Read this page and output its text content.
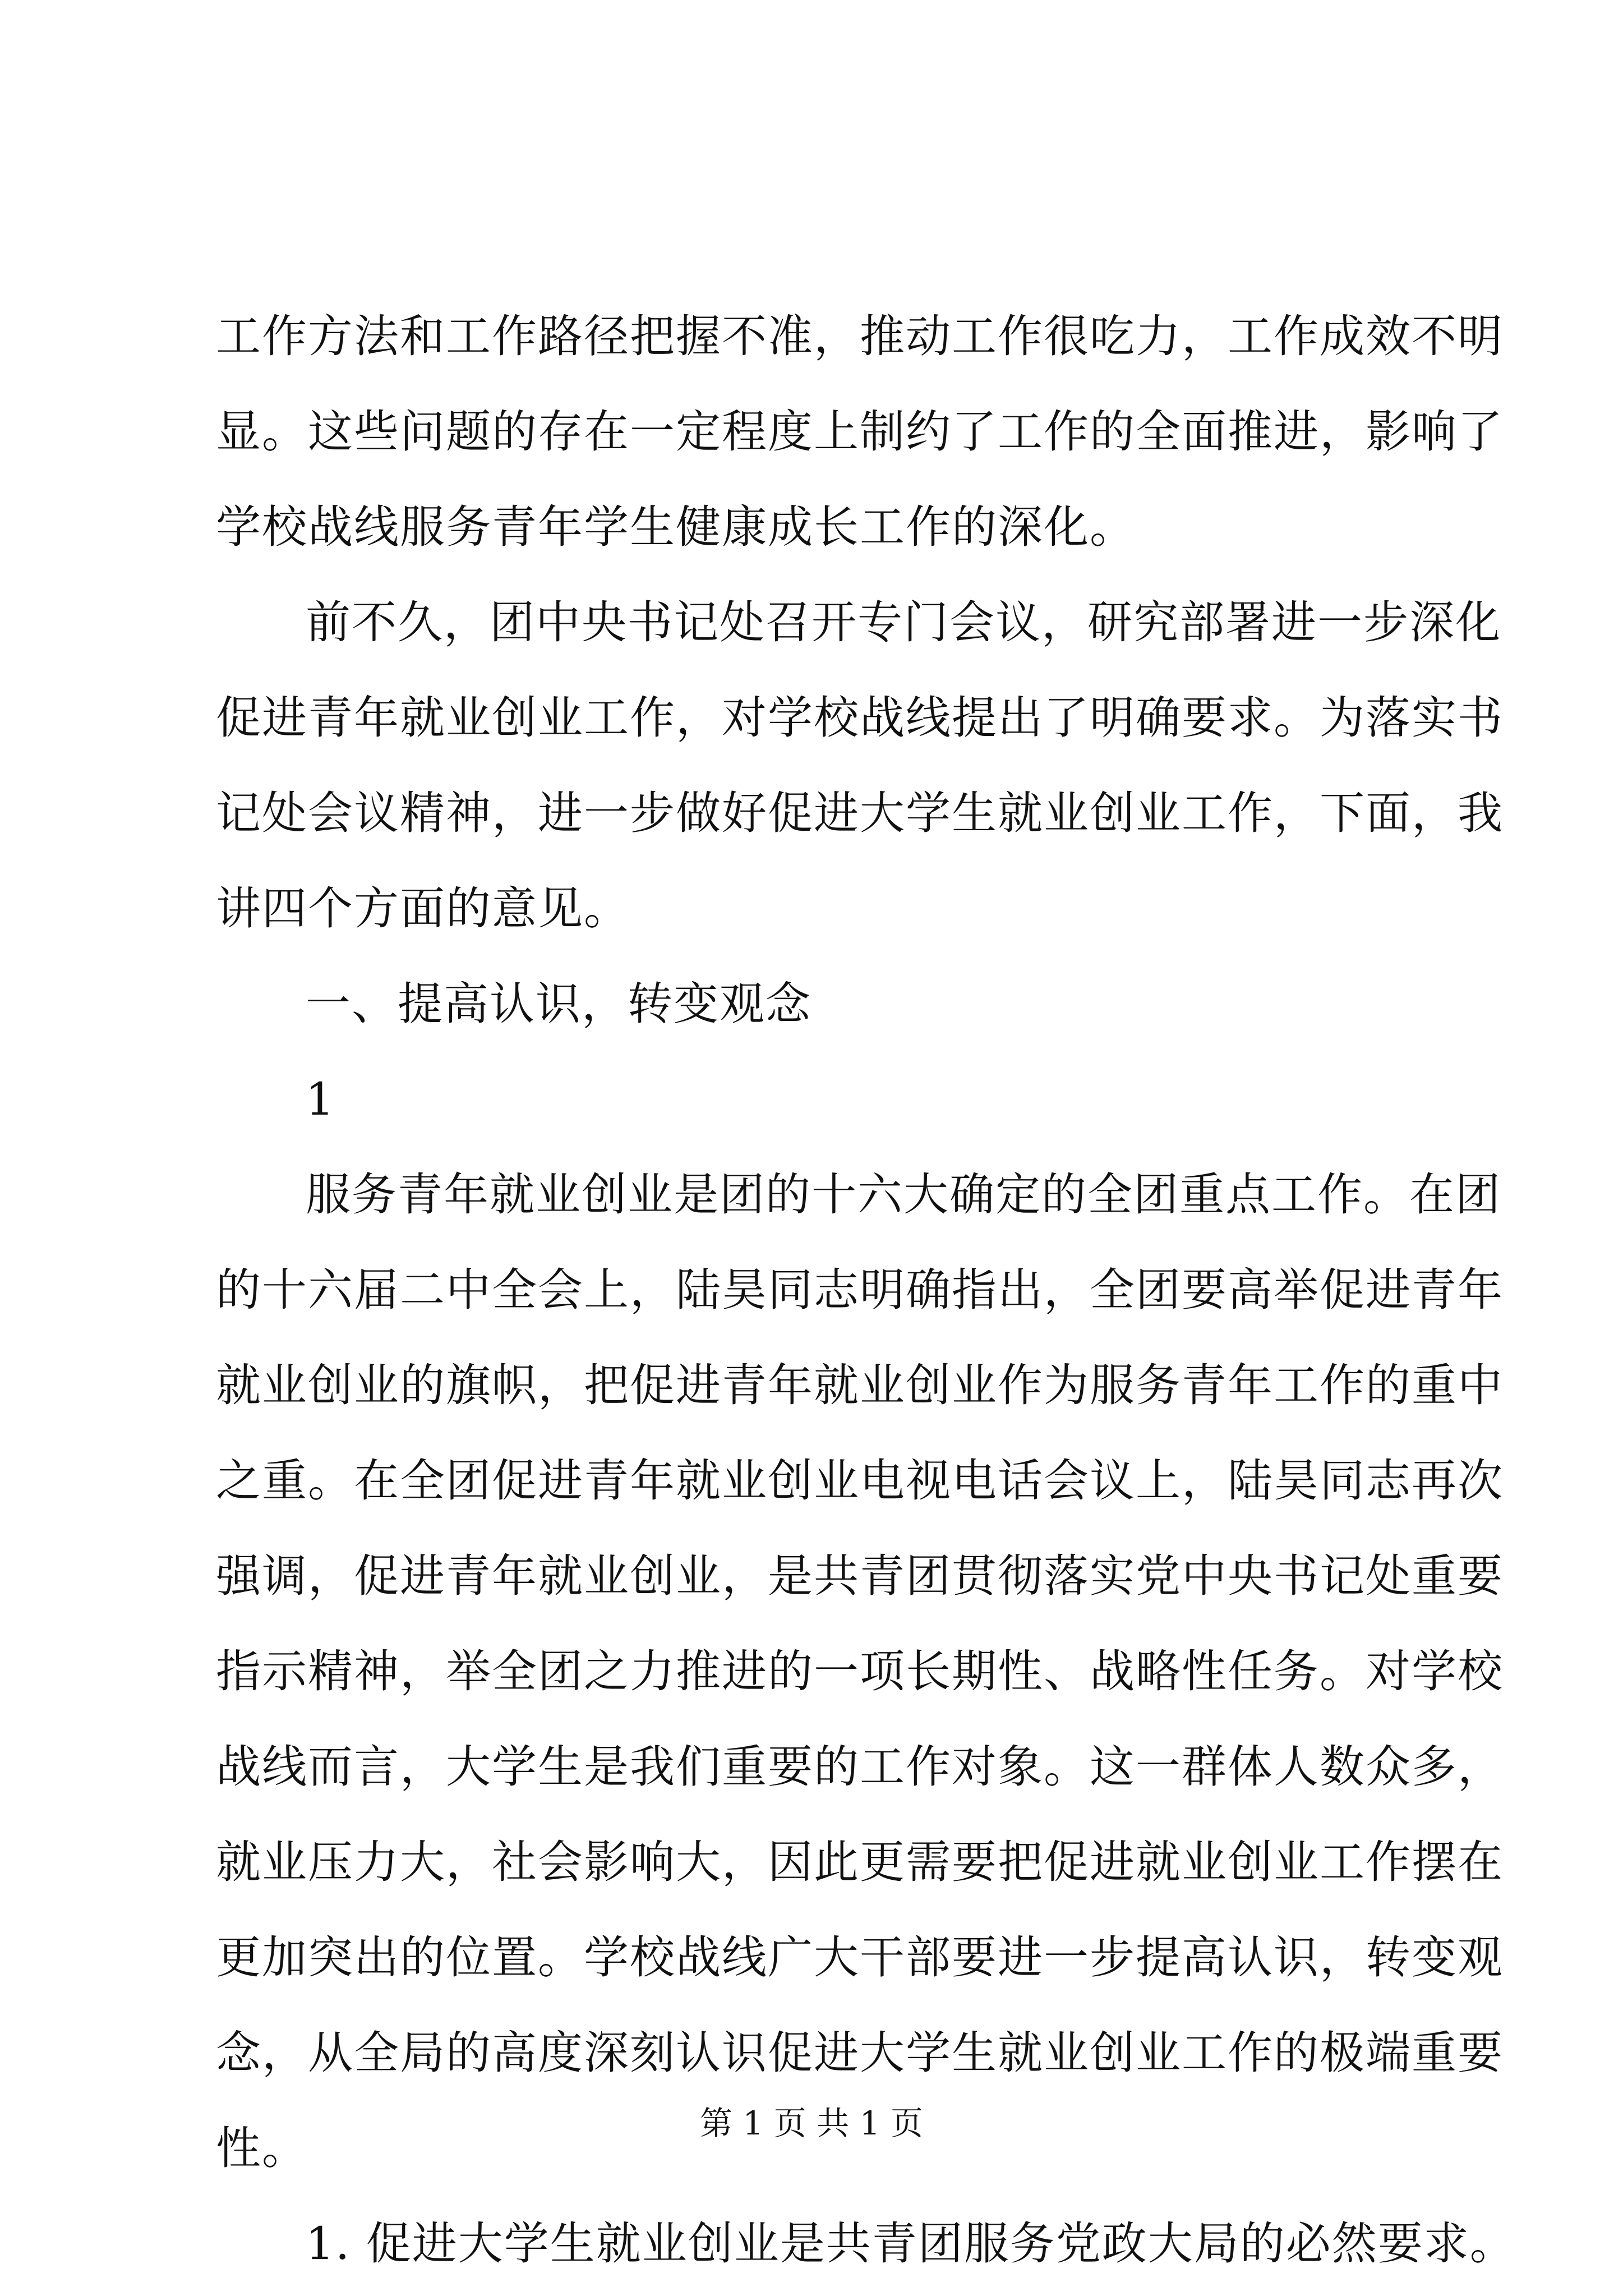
工作方法和工作路径把握不准，推动工作很吃力，工作成效不明
显。这些问题的存在一定程度上制约了工作的全面推进，影响了
学校战线服务青年学生健康成长工作的深化。
前不久，团中央书记处召开专门会议，研究部署进一步深化
促进青年就业创业工作，对学校战线提出了明确要求。为落实书
记处会议精神，进一步做好促进大学生就业创业工作，下面，我
讲四个方面的意见。
一、提高认识，转变观念
1
服务青年就业创业是团的十六大确定的全团重点工作。在团
的十六届二中全会上，陆昊同志明确指出，全团要高举促进青年
就业创业的旗帜，把促进青年就业创业作为服务青年工作的重中
之重。在全团促进青年就业创业电视电话会议上，陆昊同志再次
强调，促进青年就业创业，是共青团贯彻落实党中央书记处重要
指示精神，举全团之力推进的一项长期性、战略性任务。对学校
战线而言，大学生是我们重要的工作对象。这一群体人数众多，
就业压力大，社会影响大，因此更需要把促进就业创业工作摆在
更加突出的位置。学校战线广大干部要进一步提高认识，转变观
念，从全局的高度深刻认识促进大学生就业创业工作的极端重要
性。
1. 促进大学生就业创业是共青团服务党政大局的必然要求。
第 1 页 共 1 页
